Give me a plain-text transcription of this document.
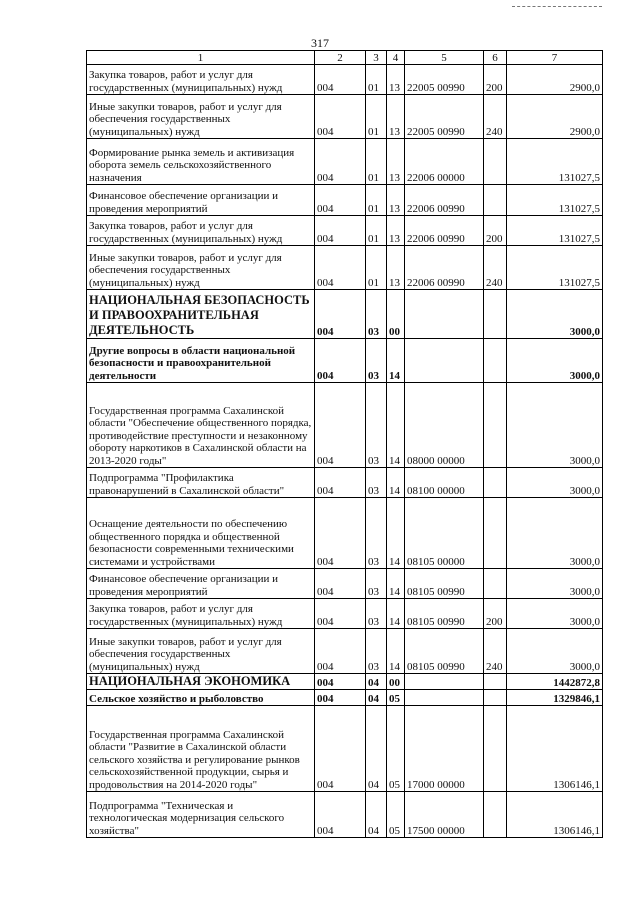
317
1	2	3	4	5	6	7
Закупка товаров, работ и услуг для государственных (муниципальных) нужд	004	01	13	22005 00990	200	2900,0
Иные закупки товаров, работ и услуг для обеспечения государственных (муниципальных) нужд	004	01	13	22005 00990	240	2900,0
Формирование рынка земель и активизация оборота земель сельскохозяйственного назначения	004	01	13	22006 00000		131027,5
Финансовое обеспечение организации и проведения мероприятий	004	01	13	22006 00990		131027,5
Закупка товаров, работ и услуг для государственных (муниципальных) нужд	004	01	13	22006 00990	200	131027,5
Иные закупки товаров, работ и услуг для обеспечения государственных (муниципальных) нужд	004	01	13	22006 00990	240	131027,5
НАЦИОНАЛЬНАЯ БЕЗОПАСНОСТЬ И ПРАВООХРАНИТЕЛЬНАЯ ДЕЯТЕЛЬНОСТЬ	004	03	00			3000,0
Другие вопросы в области национальной безопасности и правоохранительной деятельности	004	03	14			3000,0
Государственная программа Сахалинской области "Обеспечение общественного порядка, противодействие преступности и незаконному обороту наркотиков в Сахалинской области на 2013-2020 годы"	004	03	14	08000 00000		3000,0
Подпрограмма "Профилактика правонарушений в Сахалинской области"	004	03	14	08100 00000		3000,0
Оснащение деятельности по обеспечению общественного порядка и общественной безопасности современными техническими системами и устройствами	004	03	14	08105 00000		3000,0
Финансовое обеспечение организации и проведения мероприятий	004	03	14	08105 00990		3000,0
Закупка товаров, работ и услуг для государственных (муниципальных) нужд	004	03	14	08105 00990	200	3000,0
Иные закупки товаров, работ и услуг для обеспечения государственных (муниципальных) нужд	004	03	14	08105 00990	240	3000,0
НАЦИОНАЛЬНАЯ ЭКОНОМИКА	004	04	00			1442872,8
Сельское хозяйство и рыболовство	004	04	05			1329846,1
Государственная программа Сахалинской области "Развитие в Сахалинской области сельского хозяйства и регулирование рынков сельскохозяйственной продукции, сырья и продовольствия на 2014-2020 годы"	004	04	05	17000 00000		1306146,1
Подпрограмма "Техническая и технологическая модернизация сельского хозяйства"	004	04	05	17500 00000		1306146,1
